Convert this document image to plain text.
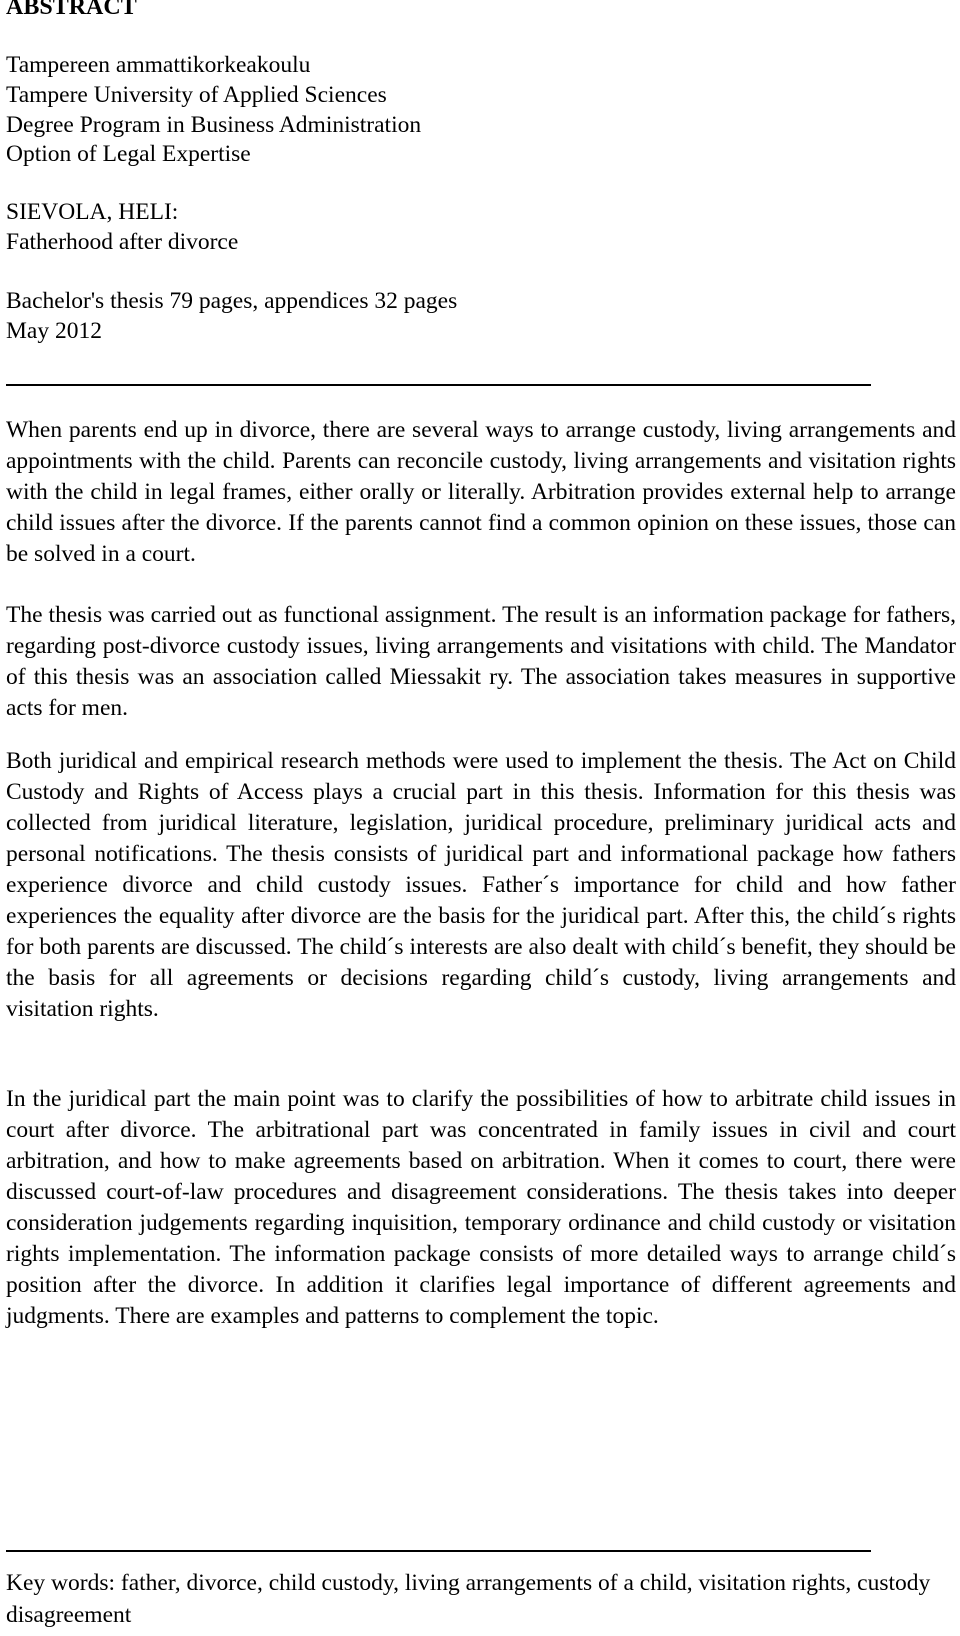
ABSTRACT
Tampereen ammattikorkeakoulu
Tampere University of Applied Sciences
Degree Program in Business Administration
Option of Legal Expertise
SIEVOLA, HELI:
Fatherhood after divorce
Bachelor's thesis 79 pages, appendices 32 pages
May 2012

When parents end up in divorce, there are several ways to arrange custody, living arrangements and appointments with the child. Parents can reconcile custody, living arrangements and visitation rights with the child in legal frames, either orally or literally. Arbitration provides external help to arrange child issues after the divorce. If the parents cannot find a common opinion on these issues, those can be solved in a court.

The thesis was carried out as functional assignment. The result is an information package for fathers, regarding post-divorce custody issues, living arrangements and visitations with child. The Mandator of this thesis was an association called Miessakit ry. The association takes measures in supportive acts for men.

Both juridical and empirical research methods were used to implement the thesis. The Act on Child Custody and Rights of Access plays a crucial part in this thesis. Information for this thesis was collected from juridical literature, legislation, juridical procedure, preliminary juridical acts and personal notifications. The thesis consists of juridical part and informational package how fathers experience divorce and child custody issues. Father´s importance for child and how father experiences the equality after divorce are the basis for the juridical part. After this, the child´s rights for both parents are discussed. The child´s interests are also dealt with child´s benefit, they should be the basis for all agreements or decisions regarding child´s custody, living arrangements and visitation rights.

In the juridical part the main point was to clarify the possibilities of how to arbitrate child issues in court after divorce. The arbitrational part was concentrated in family issues in civil and court arbitration, and how to make agreements based on arbitration. When it comes to court, there were discussed court-of-law procedures and disagreement considerations. The thesis takes into deeper consideration judgements regarding inquisition, temporary ordinance and child custody or visitation rights implementation. The information package consists of more detailed ways to arrange child´s position after the divorce. In addition it clarifies legal importance of different agreements and judgments. There are examples and patterns to complement the topic.

Key words: father, divorce, child custody, living arrangements of a child, visitation rights, custody disagreement
